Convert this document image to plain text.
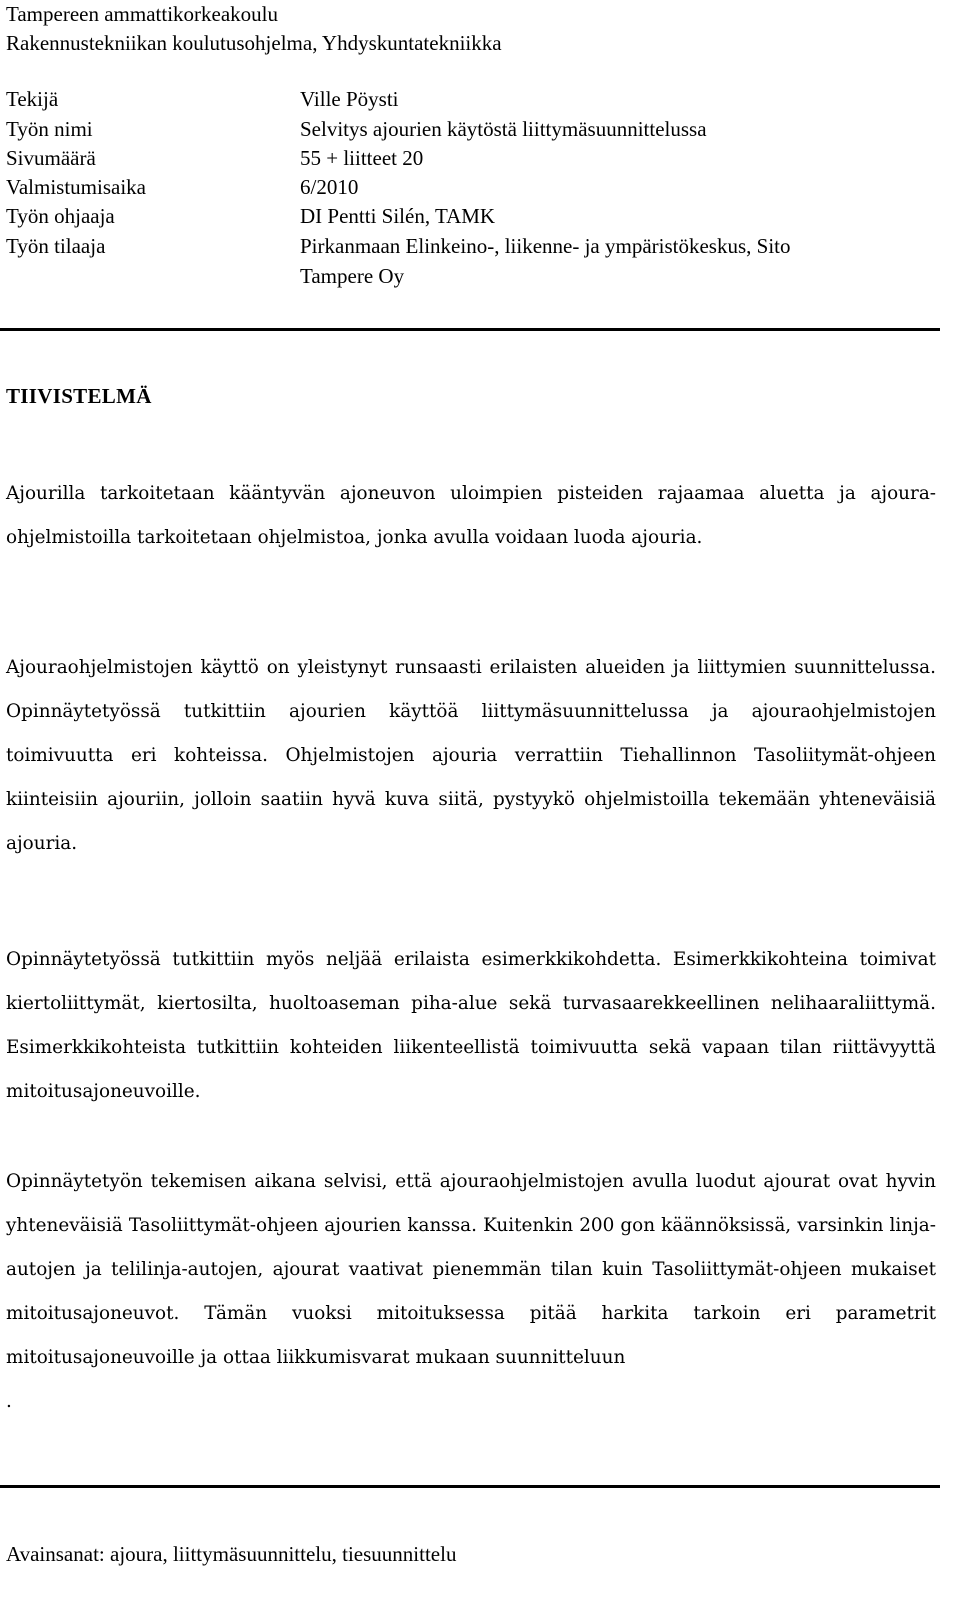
Tampereen ammattikorkeakoulu
Rakennustekniikan koulutusohjelma, Yhdyskuntatekniikka
Tekijä	Ville Pöysti
Työn nimi	Selvitys ajourien käytöstä liittymäsuunnittelussa
Sivumäärä	55 + liitteet 20
Valmistumisaika	6/2010
Työn ohjaaja	DI Pentti Silén, TAMK
Työn tilaaja	Pirkanmaan Elinkeino-, liikenne- ja ympäristökeskus, Sito
Tampere Oy
TIIVISTELMÄ

Ajourilla tarkoitetaan kääntyvän ajoneuvon uloimpien pisteiden rajaamaa aluetta ja ajouraohjelmistoilla tarkoitetaan ohjelmistoa, jonka avulla voidaan luoda ajouria.

Ajouraohjelmistojen käyttö on yleistynyt runsaasti erilaisten alueiden ja liittymien suunnittelussa. Opinnäytetyössä tutkittiin ajourien käyttöä liittymäsuunnittelussa ja ajouraohjelmistojen toimivuutta eri kohteissa. Ohjelmistojen ajouria verrattiin Tiehallinnon Tasoliitymät-ohjeen kiinteisiin ajouriin, jolloin saatiin hyvä kuva siitä, pystyykö ohjelmistoilla tekemään yhteneväisiä ajouria.

Opinnäytetyössä tutkittiin myös neljää erilaista esimerkkikohdetta. Esimerkkikohteina toimivat kiertoliittymät, kiertosilta, huoltoaseman piha-alue sekä turvasaarekkeellinen nelihaaraliittymä. Esimerkkikohteista tutkittiin kohteiden liikenteellistä toimivuutta sekä vapaan tilan riittävyyttä mitoitusajoneuvoille.

Opinnäytetyön tekemisen aikana selvisi, että ajouraohjelmistojen avulla luodut ajourat ovat hyvin yhteneväisiä Tasoliittymät-ohjeen ajourien kanssa. Kuitenkin 200 gon käännöksissä, varsinkin linja-autojen ja telilinja-autojen, ajourat vaativat pienemmän tilan kuin Tasoliittymät-ohjeen mukaiset mitoitusajoneuvot. Tämän vuoksi mitoituksessa pitää harkita tarkoin eri parametrit mitoitusajoneuvoille ja ottaa liikkumisvarat mukaan suunnitteluun

.

Avainsanat: ajoura, liittymäsuunnittelu, tiesuunnittelu
